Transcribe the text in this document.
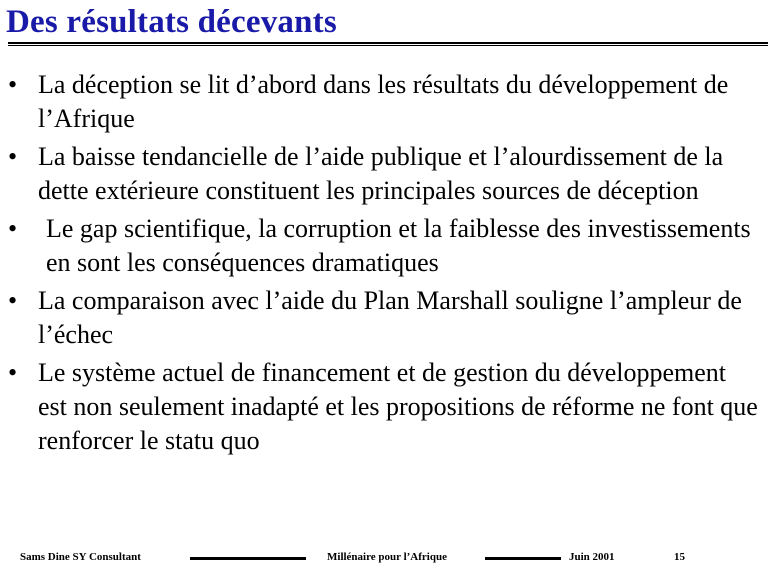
Des résultats décevants
• La déception se lit d’abord dans les résultats du développement de l’Afrique
• La baisse tendancielle de l’aide publique et l’alourdissement de la dette extérieure constituent les principales sources de déception
• Le gap scientifique, la corruption et la faiblesse des investissements en sont les conséquences dramatiques
• La comparaison avec l’aide du Plan Marshall souligne l’ampleur de l’échec
• Le système actuel de financement et de gestion du développement est non seulement inadapté et les propositions de réforme ne font que renforcer le statu quo
Sams Dine SY Consultant	Millénaire pour l’Afrique	Juin 2001	15
